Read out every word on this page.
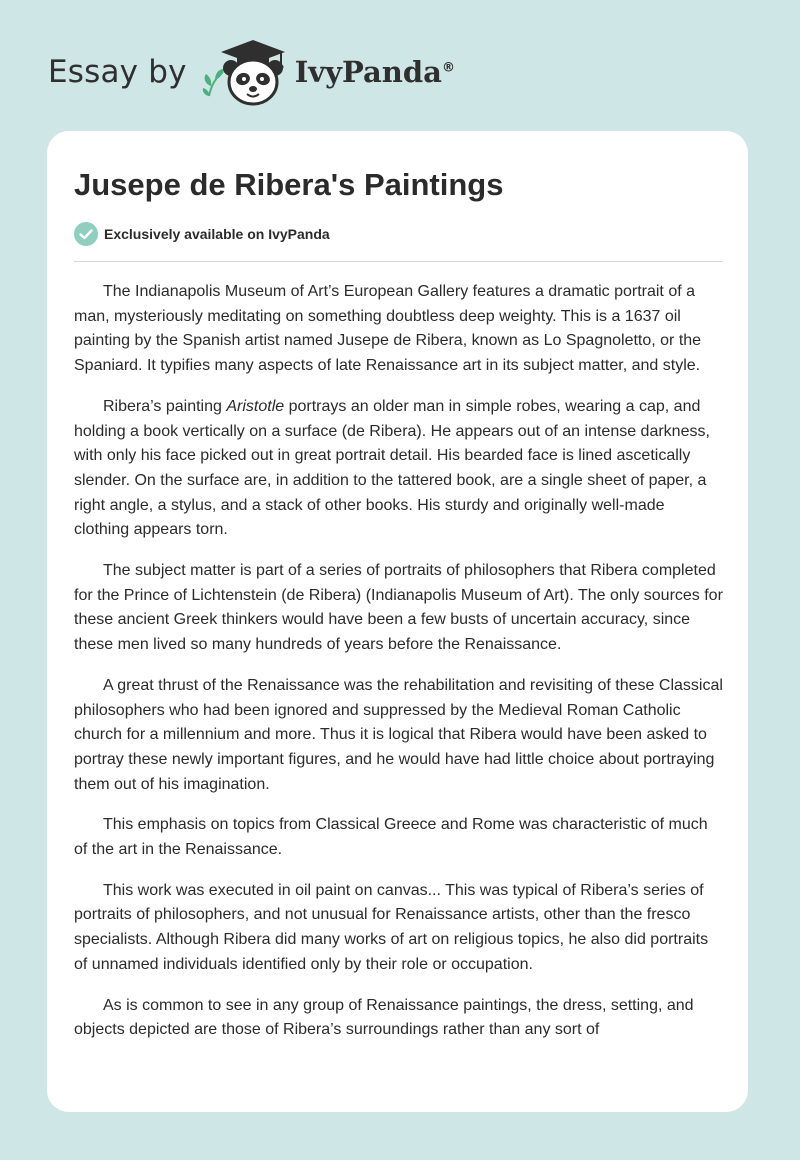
Essay by	IvyPanda®
Jusepe de Ribera's Paintings
Exclusively available on IvyPanda

The Indianapolis Museum of Art’s European Gallery features a dramatic portrait of a man, mysteriously meditating on something doubtless deep weighty. This is a 1637 oil painting by the Spanish artist named Jusepe de Ribera, known as Lo Spagnoletto, or the Spaniard. It typifies many aspects of late Renaissance art in its subject matter, and style.

Ribera’s painting Aristotle portrays an older man in simple robes, wearing a cap, and holding a book vertically on a surface (de Ribera). He appears out of an intense darkness, with only his face picked out in great portrait detail. His bearded face is lined ascetically slender. On the surface are, in addition to the tattered book, are a single sheet of paper, a right angle, a stylus, and a stack of other books. His sturdy and originally well-made clothing appears torn.

The subject matter is part of a series of portraits of philosophers that Ribera completed for the Prince of Lichtenstein (de Ribera) (Indianapolis Museum of Art). The only sources for these ancient Greek thinkers would have been a few busts of uncertain accuracy, since these men lived so many hundreds of years before the Renaissance.

A great thrust of the Renaissance was the rehabilitation and revisiting of these Classical philosophers who had been ignored and suppressed by the Medieval Roman Catholic church for a millennium and more. Thus it is logical that Ribera would have been asked to portray these newly important figures, and he would have had little choice about portraying them out of his imagination.

This emphasis on topics from Classical Greece and Rome was characteristic of much of the art in the Renaissance.

This work was executed in oil paint on canvas... This was typical of Ribera’s series of portraits of philosophers, and not unusual for Renaissance artists, other than the fresco specialists. Although Ribera did many works of art on religious topics, he also did portraits of unnamed individuals identified only by their role or occupation.

As is common to see in any group of Renaissance paintings, the dress, setting, and objects depicted are those of Ribera’s surroundings rather than any sort of
